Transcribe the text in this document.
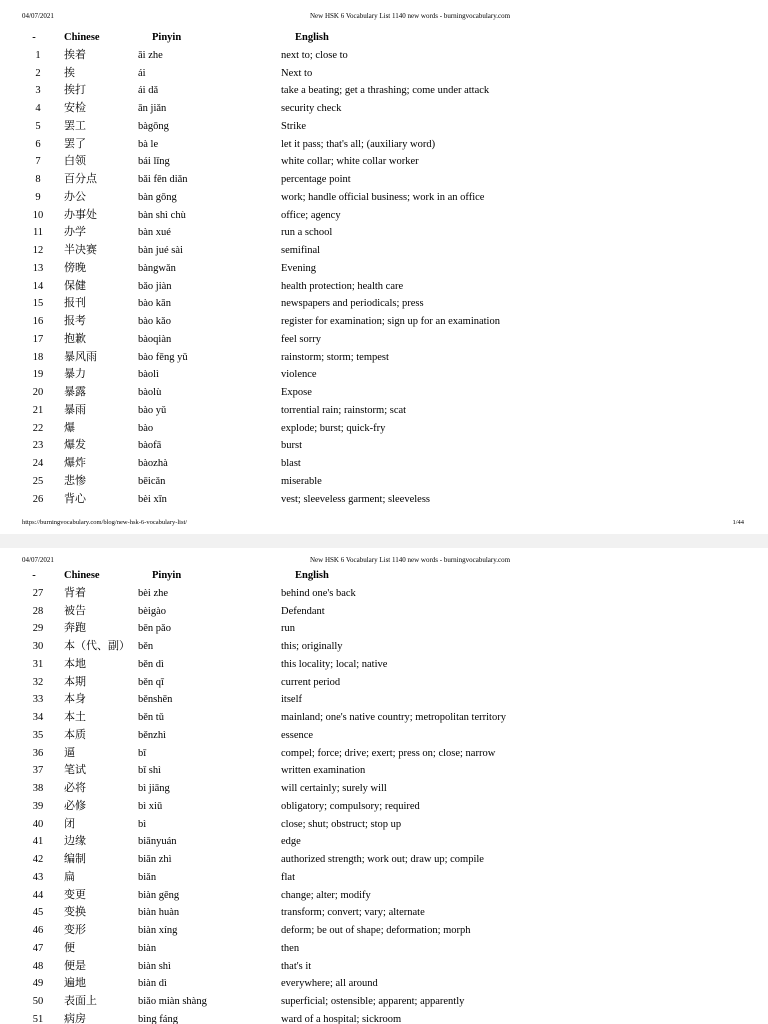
04/07/2021	New HSK 6 Vocabulary List 1140 new words - burningvocabulary.com
-	Chinese	Pinyin	English
1	挨着	āi zhe	next to; close to
2	挨	ái	Next to
3	挨打	ái dǎ	take a beating; get a thrashing; come under attack
4	安检	ān jiǎn	security check
5	罢工	bàgōng	Strike
6	罢了	bà le	let it pass; that's all; (auxiliary word)
7	白领	bái lǐng	white collar; white collar worker
8	百分点	bǎi fēn diǎn	percentage point
9	办公	bàn gōng	work; handle official business; work in an office
10	办事处	bàn shì chù	office; agency
11	办学	bàn xué	run a school
12	半决赛	bàn jué sài	semifinal
13	傍晚	bàngwǎn	Evening
14	保健	bǎo jiàn	health protection; health care
15	报刊	bào kān	newspapers and periodicals; press
16	报考	bào kǎo	register for examination; sign up for an examination
17	抱歉	bàoqiàn	feel sorry
18	暴风雨	bào fēng yǔ	rainstorm; storm; tempest
19	暴力	bàolì	violence
20	暴露	bàolù	Expose
21	暴雨	bào yǔ	torrential rain; rainstorm; scat
22	爆	bào	explode; burst; quick-fry
23	爆发	bàofā	burst
24	爆炸	bàozhà	blast
25	悲惨	bēicǎn	miserable
26	背心	bèi xīn	vest; sleeveless garment; sleeveless
https://burningvocabulary.com/blog/new-hsk-6-vocabulary-list/	1/44
04/07/2021	New HSK 6 Vocabulary List 1140 new words - burningvocabulary.com
-	Chinese	Pinyin	English
27	背着	bèi zhe	behind one's back
28	被告	bèigào	Defendant
29	奔跑	bēn pǎo	run
30	本（代、副） běn	this; originally
31	本地	běn dì	this locality; local; native
32	本期	běn qī	current period
33	本身	běnshēn	itself
34	本土	běn tǔ	mainland; one's native country; metropolitan territory
35	本质	běnzhì	essence
36	逼	bī	compel; force; drive; exert; press on; close; narrow
37	笔试	bǐ shì	written examination
38	必将	bì jiāng	will certainly; surely will
39	必修	bì xiū	obligatory; compulsory; required
40	闭	bì	close; shut; obstruct; stop up
41	边缘	biānyuán	edge
42	编制	biān zhì	authorized strength; work out; draw up; compile
43	扁	biǎn	flat
44	变更	biàn gēng	change; alter; modify
45	变换	biàn huàn	transform; convert; vary; alternate
46	变形	biàn xíng	deform; be out of shape; deformation; morph
47	便	biàn	then
48	便是	biàn shì	that's it
49	遍地	biàn dì	everywhere; all around
50	表面上	biǎo miàn shàng	superficial; ostensible; apparent; apparently
51	病房	bìng fáng	ward of a hospital; sickroom
